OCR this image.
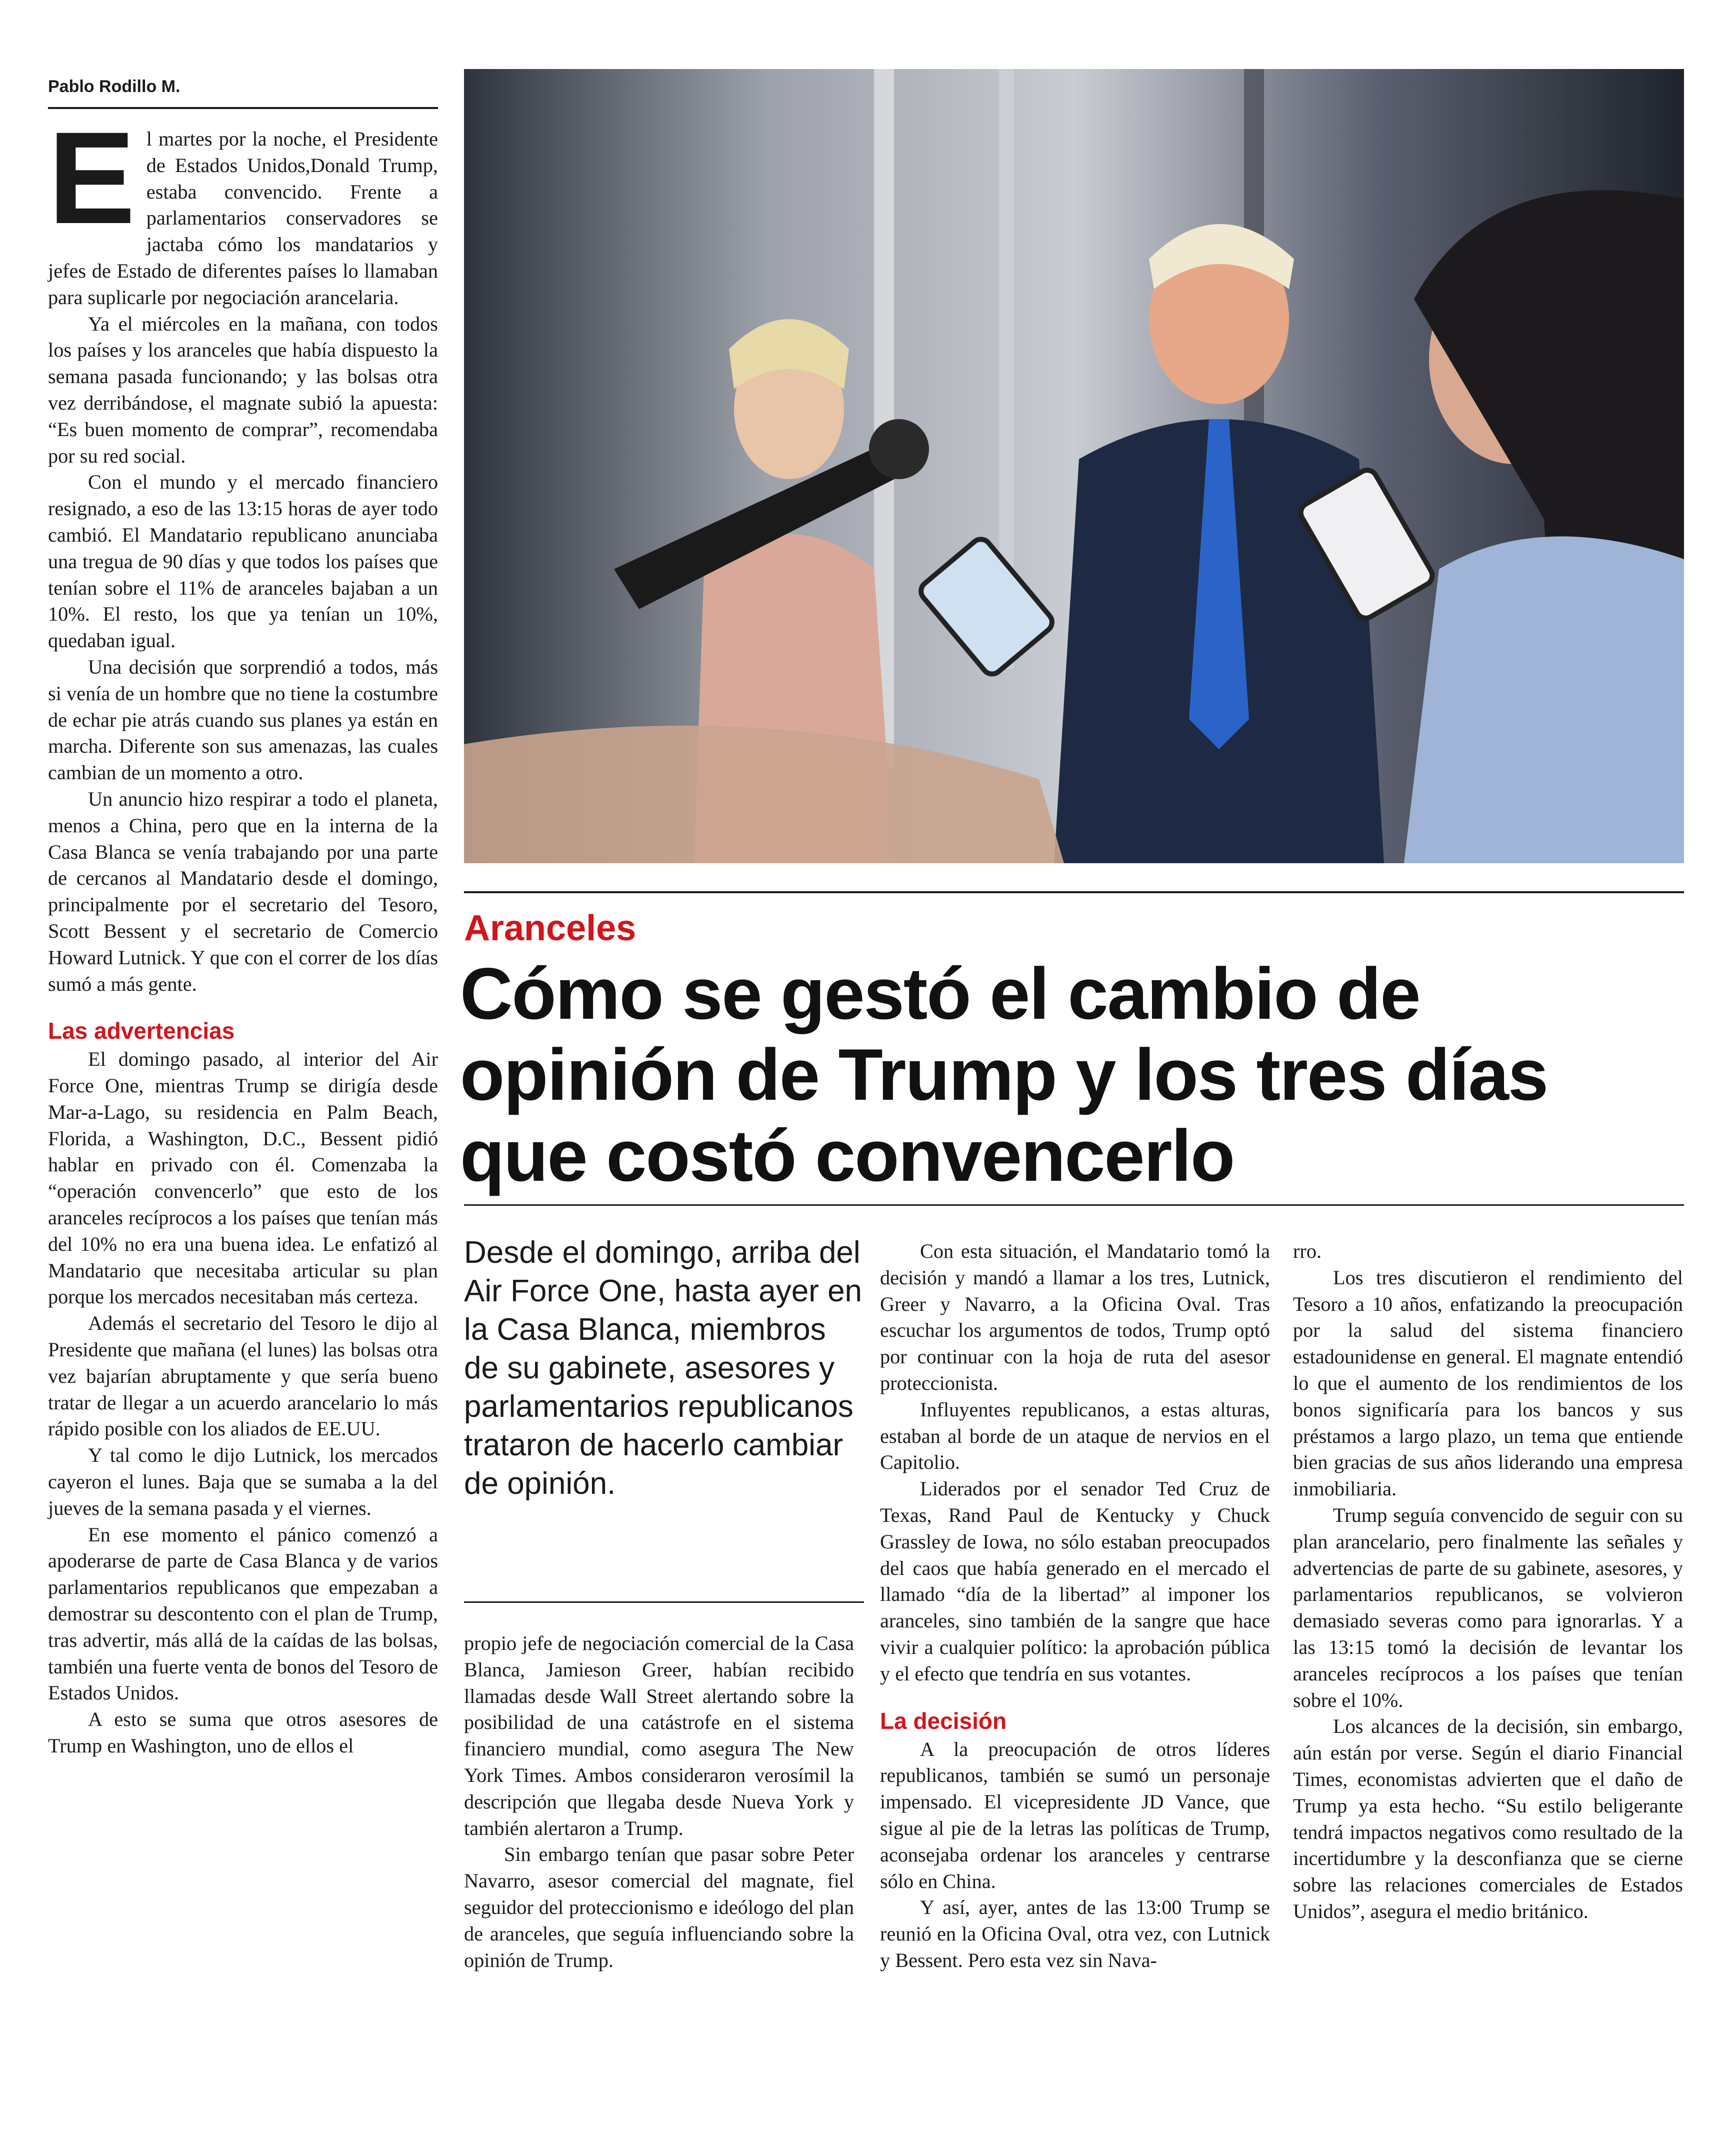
Pablo Rodillo M.

El martes por la noche, el Presidente de Estados Unidos,Donald Trump, estaba convencido. Frente a parlamentarios conservadores se jactaba cómo los mandatarios y jefes de Estado de diferentes países lo llamaban para suplicarle por negociación arancelaria.

Ya el miércoles en la mañana, con todos los países y los aranceles que había dispuesto la semana pasada funcionando; y las bolsas otra vez derribándose, el magnate subió la apuesta: “Es buen momento de comprar”, recomendaba por su red social.

Con el mundo y el mercado financiero resignado, a eso de las 13:15 horas de ayer todo cambió. El Mandatario republicano anunciaba una tregua de 90 días y que todos los países que tenían sobre el 11% de aranceles bajaban a un 10%. El resto, los que ya tenían un 10%, quedaban igual.

Una decisión que sorprendió a todos, más si venía de un hombre que no tiene la costumbre de echar pie atrás cuando sus planes ya están en marcha. Diferente son sus amenazas, las cuales cambian de un momento a otro.

Un anuncio hizo respirar a todo el planeta, menos a China, pero que en la interna de la Casa Blanca se venía trabajando por una parte de cercanos al Mandatario desde el domingo, principalmente por el secretario del Tesoro, Scott Bessent y el secretario de Comercio Howard Lutnick. Y que con el correr de los días sumó a más gente.

Las advertencias

El domingo pasado, al interior del Air Force One, mientras Trump se dirigía desde Mar-a-Lago, su residencia en Palm Beach, Florida, a Washington, D.C., Bessent pidió hablar en privado con él. Comenzaba la “operación convencerlo” que esto de los aranceles recíprocos a los países que tenían más del 10% no era una buena idea. Le enfatizó al Mandatario que necesitaba articular su plan porque los mercados necesitaban más certeza.

Además el secretario del Tesoro le dijo al Presidente que mañana (el lunes) las bolsas otra vez bajarían abruptamente y que sería bueno tratar de llegar a un acuerdo arancelario lo más rápido posible con los aliados de EE.UU.

Y tal como le dijo Lutnick, los mercados cayeron el lunes. Baja que se sumaba a la del jueves de la semana pasada y el viernes.

En ese momento el pánico comenzó a apoderarse de parte de Casa Blanca y de varios parlamentarios republicanos que empezaban a demostrar su descontento con el plan de Trump, tras advertir, más allá de la caídas de las bolsas, también una fuerte venta de bonos del Tesoro de Estados Unidos.

A esto se suma que otros asesores de Trump en Washington, uno de ellos el

Aranceles
Cómo se gestó el cambio de opinión de Trump y los tres días que costó convencerlo
Desde el domingo, arriba del Air Force One, hasta ayer en la Casa Blanca, miembros de su gabinete, asesores y parlamentarios republicanos trataron de hacerlo cambiar de opinión.

propio jefe de negociación comercial de la Casa Blanca, Jamieson Greer, habían recibido llamadas desde Wall Street alertando sobre la posibilidad de una catástrofe en el sistema financiero mundial, como asegura The New York Times. Ambos consideraron verosímil la descripción que llegaba desde Nueva York y también alertaron a Trump.

Sin embargo tenían que pasar sobre Peter Navarro, asesor comercial del magnate, fiel seguidor del proteccionismo e ideólogo del plan de aranceles, que seguía influenciando sobre la opinión de Trump.

Con esta situación, el Mandatario tomó la decisión y mandó a llamar a los tres, Lutnick, Greer y Navarro, a la Oficina Oval. Tras escuchar los argumentos de todos, Trump optó por continuar con la hoja de ruta del asesor proteccionista.

Influyentes republicanos, a estas alturas, estaban al borde de un ataque de nervios en el Capitolio.

Liderados por el senador Ted Cruz de Texas, Rand Paul de Kentucky y Chuck Grassley de Iowa, no sólo estaban preocupados del caos que había generado en el mercado el llamado “día de la libertad” al imponer los aranceles, sino también de la sangre que hace vivir a cualquier político: la aprobación pública y el efecto que tendría en sus votantes.

La decisión

A la preocupación de otros líderes republicanos, también se sumó un personaje impensado. El vicepresidente JD Vance, que sigue al pie de la letras las políticas de Trump, aconsejaba ordenar los aranceles y centrarse sólo en China.

Y así, ayer, antes de las 13:00 Trump se reunió en la Oficina Oval, otra vez, con Lutnick y Bessent. Pero esta vez sin Nava-

rro.

Los tres discutieron el rendimiento del Tesoro a 10 años, enfatizando la preocupación por la salud del sistema financiero estadounidense en general. El magnate entendió lo que el aumento de los rendimientos de los bonos significaría para los bancos y sus préstamos a largo plazo, un tema que entiende bien gracias de sus años liderando una empresa inmobiliaria.

Trump seguía convencido de seguir con su plan arancelario, pero finalmente las señales y advertencias de parte de su gabinete, asesores, y parlamentarios republicanos, se volvieron demasiado severas como para ignorarlas. Y a las 13:15 tomó la decisión de levantar los aranceles recíprocos a los países que tenían sobre el 10%.

Los alcances de la decisión, sin embargo, aún están por verse. Según el diario Financial Times, economistas advierten que el daño de Trump ya esta hecho. “Su estilo beligerante tendrá impactos negativos como resultado de la incertidumbre y la desconfianza que se cierne sobre las relaciones comerciales de Estados Unidos”, asegura el medio británico.
